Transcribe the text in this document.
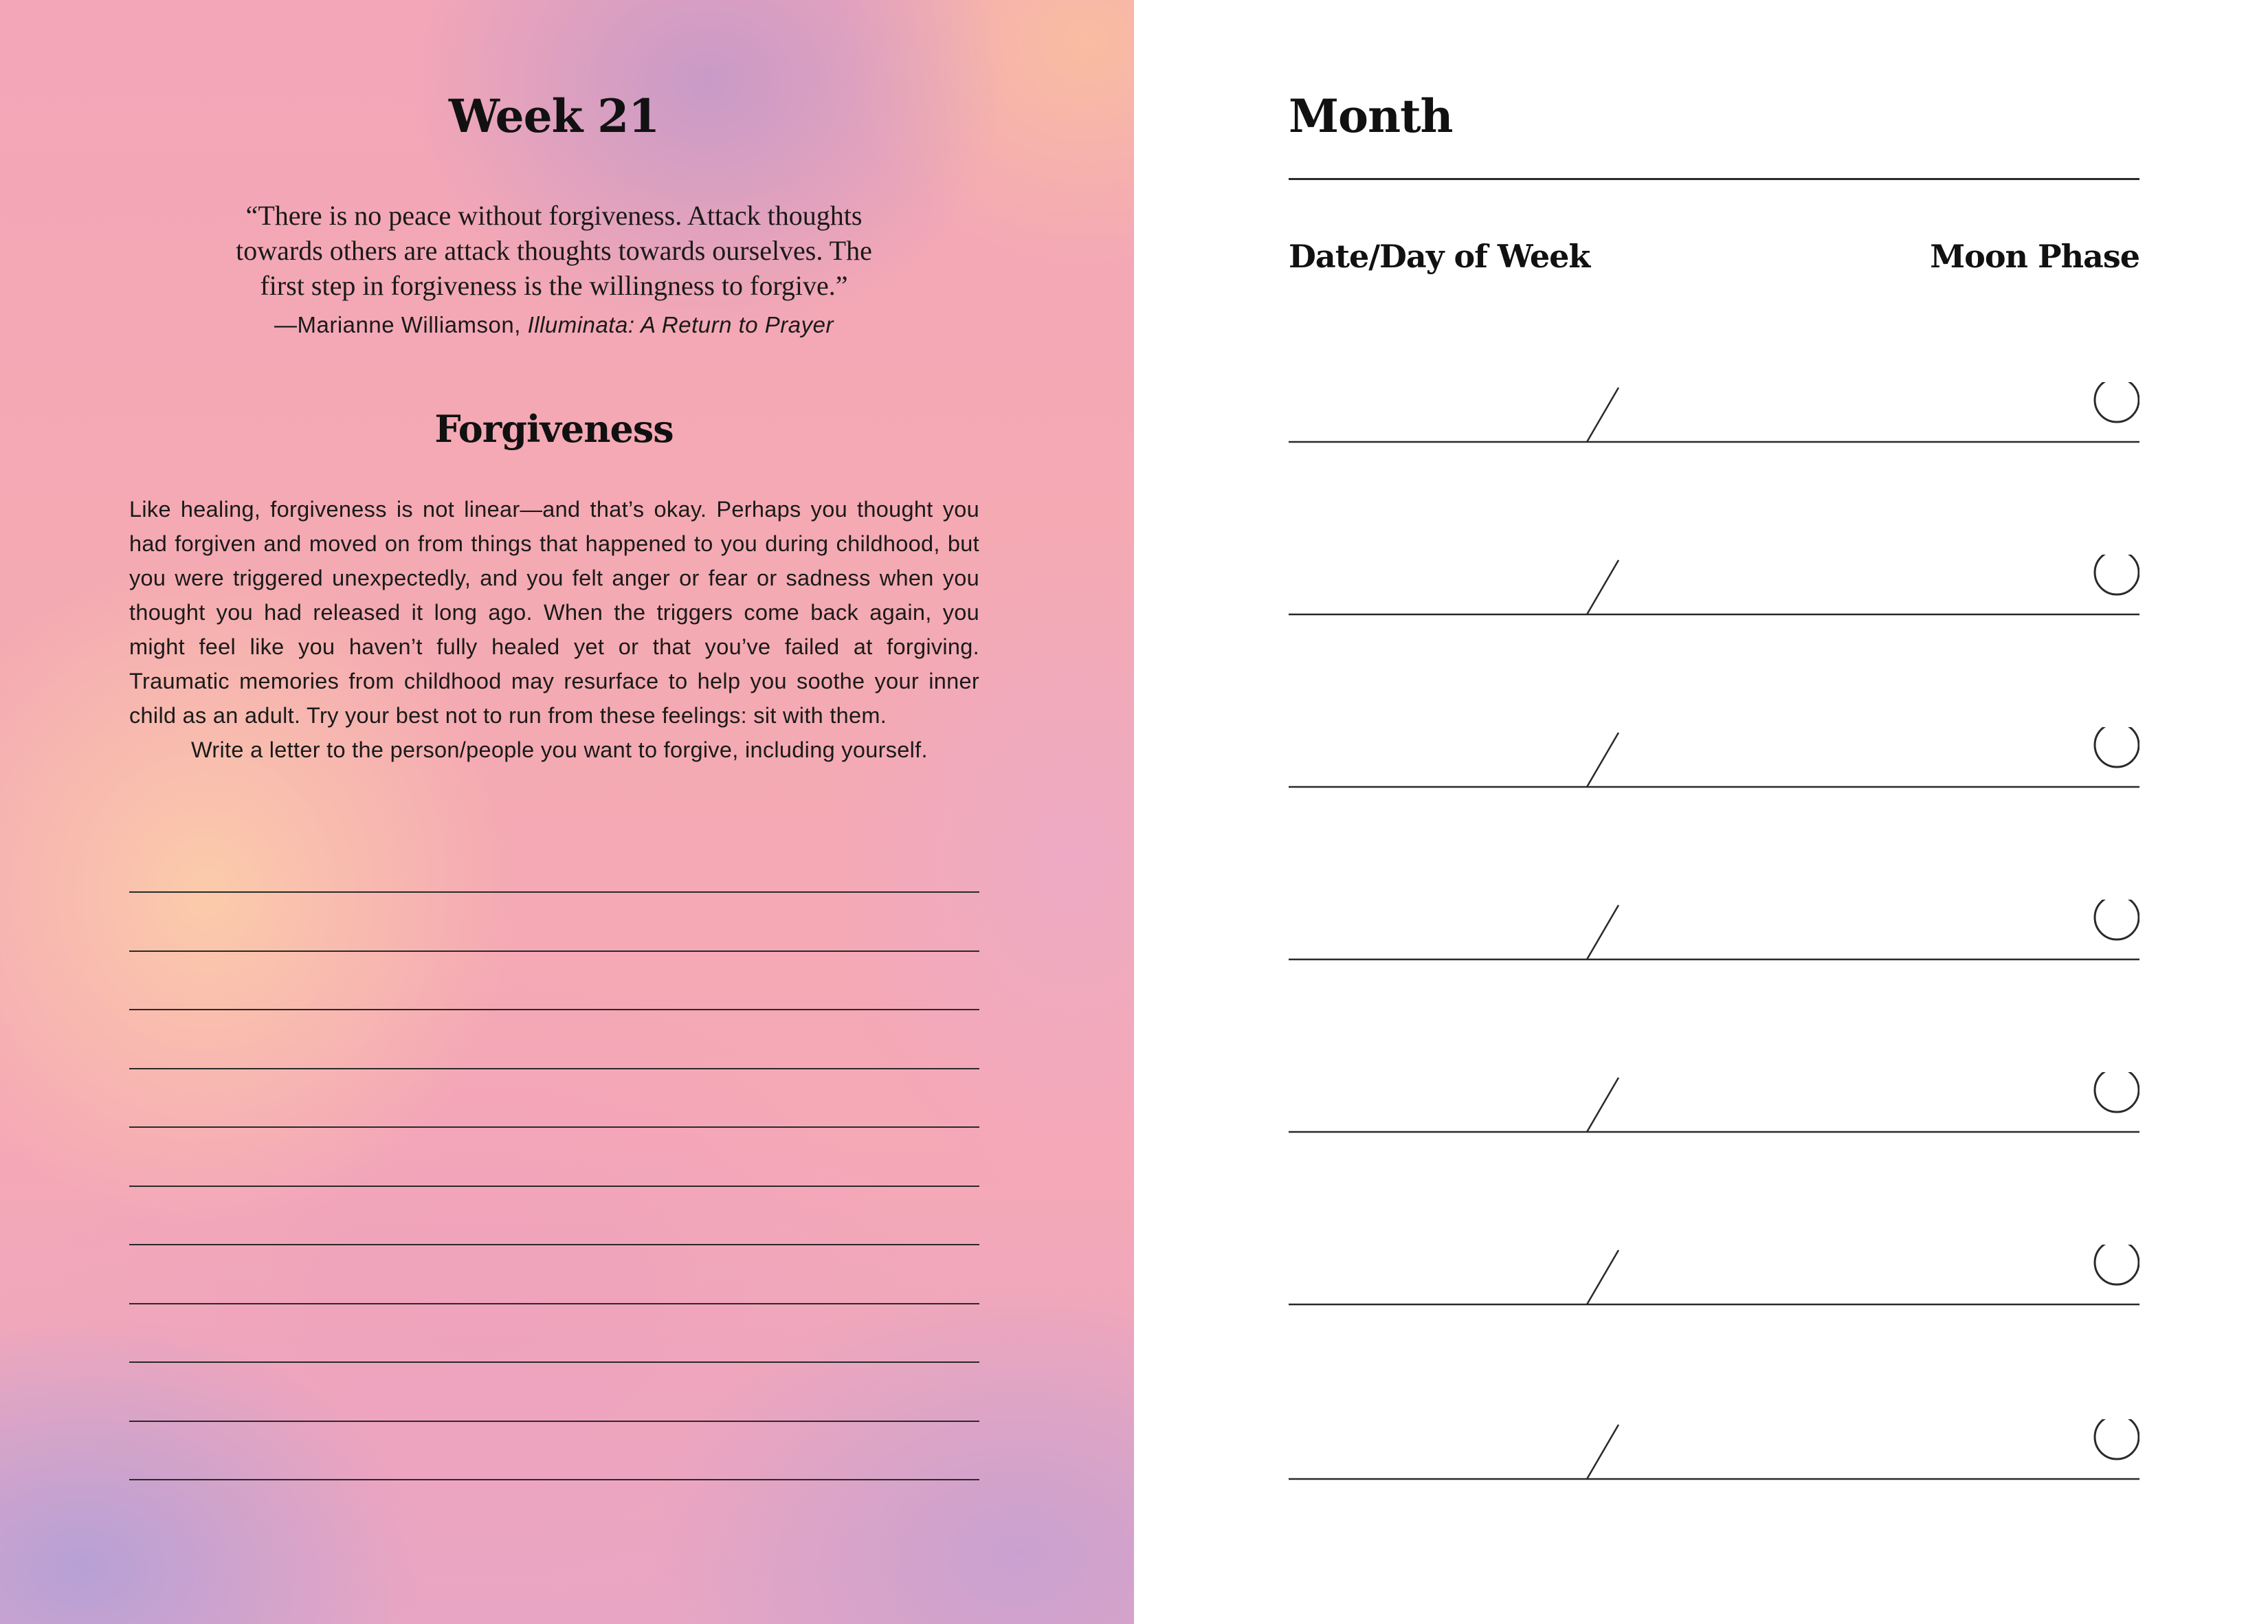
Week 21
“There is no peace without forgiveness. Attack thoughts
towards others are attack thoughts towards ourselves. The
first step in forgiveness is the willingness to forgive.”
—Marianne Williamson, Illuminata: A Return to Prayer
Forgiveness

Like healing, forgiveness is not linear—and that’s okay. Perhaps you thought you had forgiven and moved on from things that happened to you during childhood, but you were triggered unexpectedly, and you felt anger or fear or sadness when you thought you had released it long ago. When the triggers come back again, you might feel like you haven’t fully healed yet or that you’ve failed at forgiving. Traumatic memories from childhood may resurface to help you soothe your inner child as an adult. Try your best not to run from these feelings: sit with them.

Write a letter to the person/people you want to forgive, including yourself.

Month
Date/Day of Week	Moon Phase
